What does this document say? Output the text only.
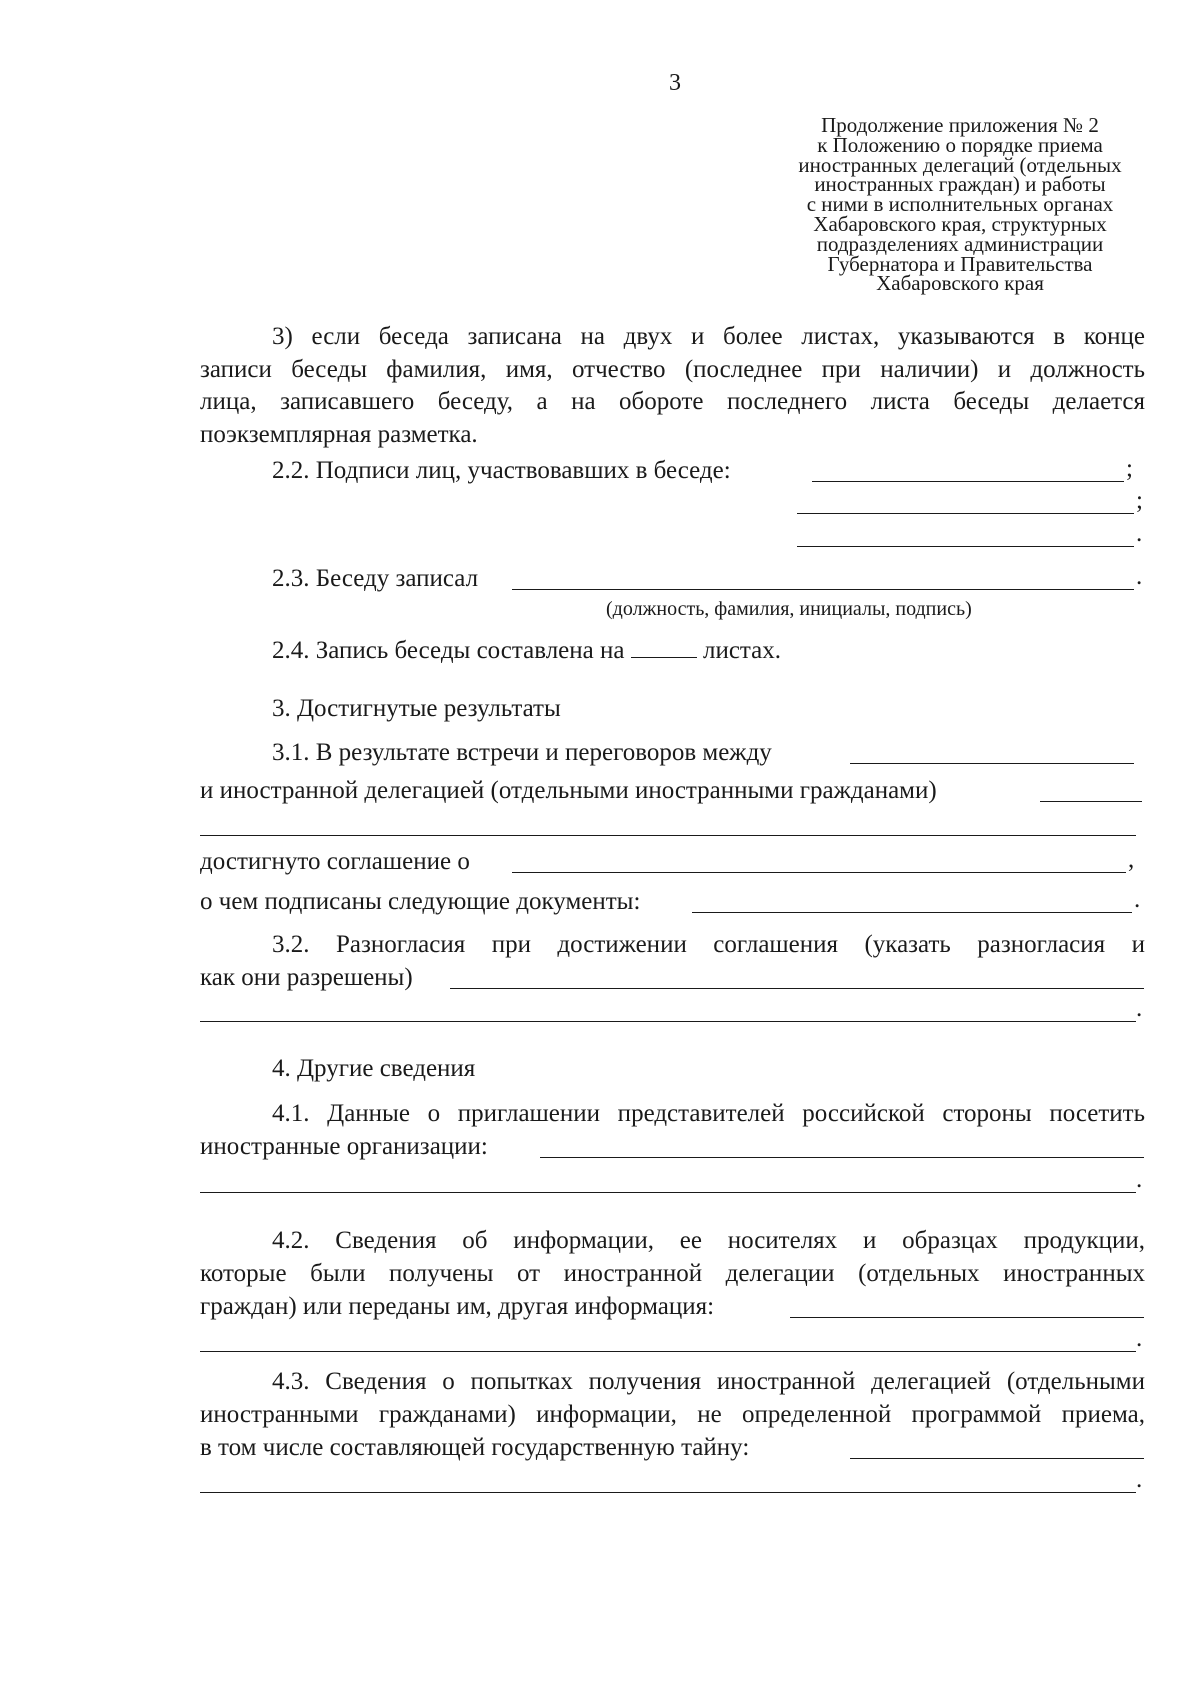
3
Продолжение приложения № 2
к Положению о порядке приема
иностранных делегаций (отдельных
иностранных граждан) и работы
с ними в исполнительных органах
Хабаровского края, структурных
подразделениях администрации
Губернатора и Правительства
Хабаровского края
3) если беседа записана на двух и более листах, указываются в конце
записи беседы фамилия, имя, отчество (последнее при наличии) и должность
лица, записавшего беседу, а на обороте последнего листа беседы делается
поэкземплярная разметка.
2.2. Подписи лиц, участвовавших в беседе:	;
;
.
2.3. Беседу записал	.
(должность, фамилия, инициалы, подпись)
2.4. Запись беседы составлена на	листах.
3. Достигнутые результаты
3.1. В результате встречи и переговоров между
и иностранной делегацией (отдельными иностранными гражданами)
достигнуто соглашение о	,
о чем подписаны следующие документы:	.
3.2. Разногласия при достижении соглашения (указать разногласия и
как они разрешены)
.
4. Другие сведения
4.1. Данные о приглашении представителей российской стороны посетить
иностранные организации:
.
4.2. Сведения об информации, ее носителях и образцах продукции,
которые были получены от иностранной делегации (отдельных иностранных
граждан) или переданы им, другая информация:
.
4.3. Сведения о попытках получения иностранной делегацией (отдельными
иностранными гражданами) информации, не определенной программой приема,
в том числе составляющей государственную тайну:
.
